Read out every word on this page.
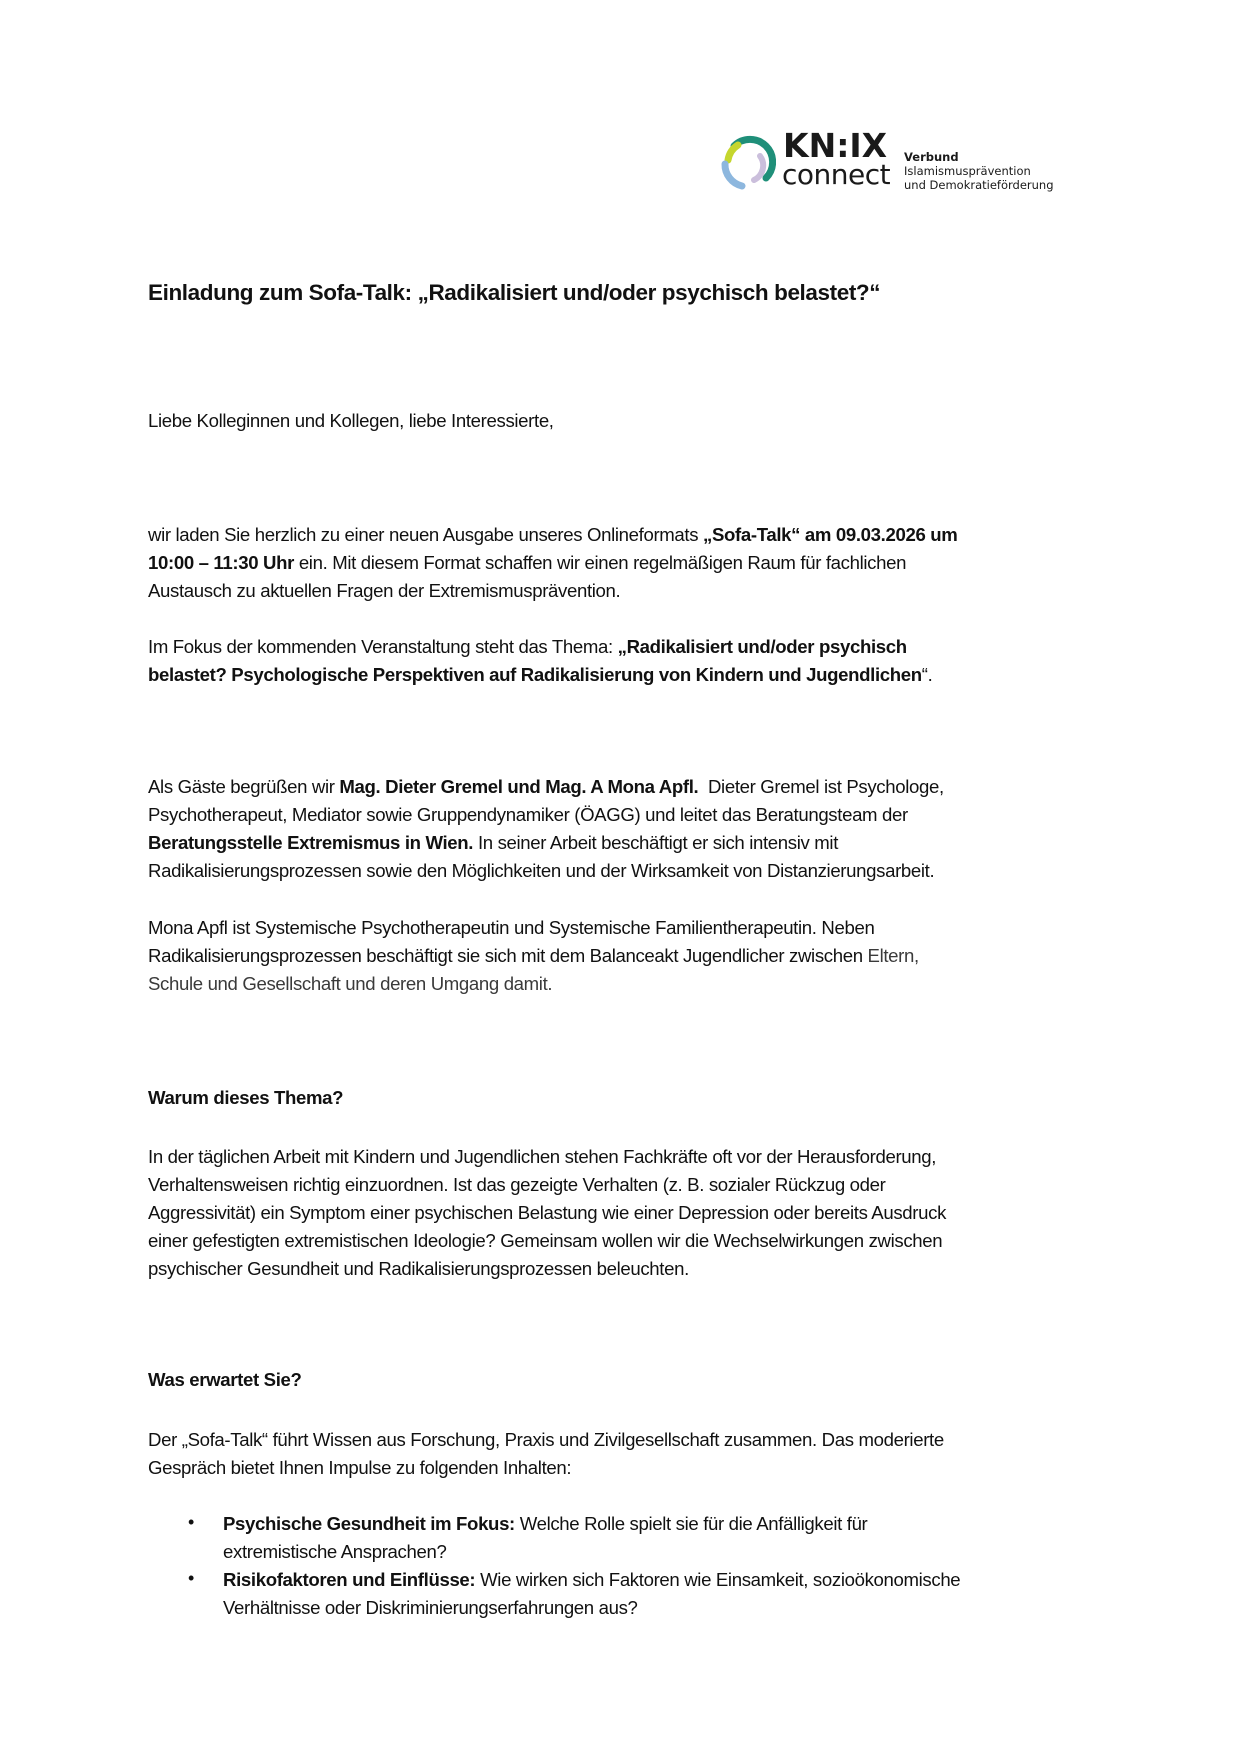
KN:IX
connect
Verbund
Islamismusprävention
und Demokratieförderung
Einladung zum Sofa-Talk: „Radikalisiert und/oder psychisch belastet?“
Liebe Kolleginnen und Kollegen, liebe Interessierte,
wir laden Sie herzlich zu einer neuen Ausgabe unseres Onlineformats „Sofa-Talk“ am 09.03.2026 um
10:00 – 11:30 Uhr ein. Mit diesem Format schaffen wir einen regelmäßigen Raum für fachlichen
Austausch zu aktuellen Fragen der Extremismusprävention.
Im Fokus der kommenden Veranstaltung steht das Thema: „Radikalisiert und/oder psychisch
belastet? Psychologische Perspektiven auf Radikalisierung von Kindern und Jugendlichen“.
Als Gäste begrüßen wir Mag. Dieter Gremel und Mag. A Mona Apfl.  Dieter Gremel ist Psychologe,
Psychotherapeut, Mediator sowie Gruppendynamiker (ÖAGG) und leitet das Beratungsteam der
Beratungsstelle Extremismus in Wien. In seiner Arbeit beschäftigt er sich intensiv mit
Radikalisierungsprozessen sowie den Möglichkeiten und der Wirksamkeit von Distanzierungsarbeit.
Mona Apfl ist Systemische Psychotherapeutin und Systemische Familientherapeutin. Neben
Radikalisierungsprozessen beschäftigt sie sich mit dem Balanceakt Jugendlicher zwischen Eltern,
Schule und Gesellschaft und deren Umgang damit.
Warum dieses Thema?
In der täglichen Arbeit mit Kindern und Jugendlichen stehen Fachkräfte oft vor der Herausforderung,
Verhaltensweisen richtig einzuordnen. Ist das gezeigte Verhalten (z. B. sozialer Rückzug oder
Aggressivität) ein Symptom einer psychischen Belastung wie einer Depression oder bereits Ausdruck
einer gefestigten extremistischen Ideologie? Gemeinsam wollen wir die Wechselwirkungen zwischen
psychischer Gesundheit und Radikalisierungsprozessen beleuchten.
Was erwartet Sie?
Der „Sofa-Talk“ führt Wissen aus Forschung, Praxis und Zivilgesellschaft zusammen. Das moderierte
Gespräch bietet Ihnen Impulse zu folgenden Inhalten:
• Psychische Gesundheit im Fokus: Welche Rolle spielt sie für die Anfälligkeit für
extremistische Ansprachen?
• Risikofaktoren und Einflüsse: Wie wirken sich Faktoren wie Einsamkeit, sozioökonomische
Verhältnisse oder Diskriminierungserfahrungen aus?
